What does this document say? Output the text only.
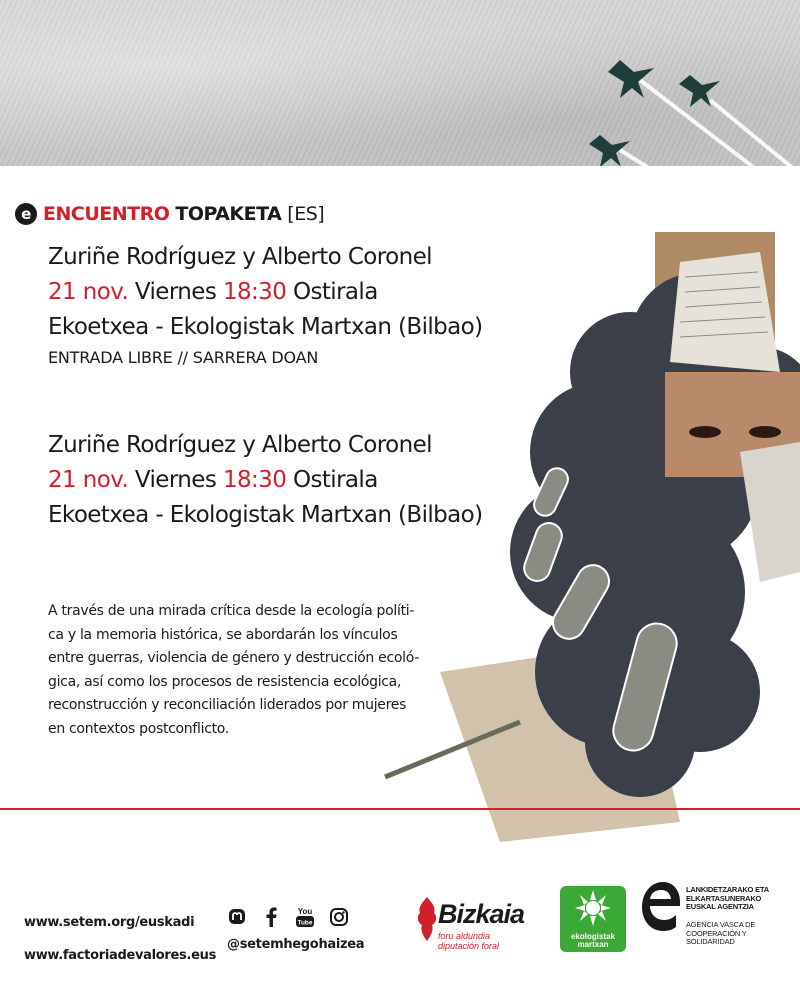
e ENCUENTRO TOPAKETA [ES]
Zuriñe Rodríguez y Alberto Coronel
21 nov. Viernes 18:30 Ostirala
Ekoetxea - Ekologistak Martxan (Bilbao)
ENTRADA LIBRE // SARRERA DOAN
Zuriñe Rodríguez y Alberto Coronel
21 nov. Viernes 18:30 Ostirala
Ekoetxea - Ekologistak Martxan (Bilbao)
A través de una mirada crítica desde la ecología políti-
ca y la memoria histórica, se abordarán los vínculos
entre guerras, violencia de género y destrucción ecoló-
gica, así como los procesos de resistencia ecológica,
reconstrucción y reconciliación liderados por mujeres
en contextos postconflicto.
www.setem.org/euskadi
www.factoriadevalores.eus
You
Tube
@setemhegohaizea
Bizkaia
foru aldundia
diputación foral
ekologistak
martxan
LANKIDETZARAKO ETA
ELKARTASUNERAKO
EUSKAL AGENTZIA
AGENCIA VASCA DE
COOPERACIÓN Y
SOLIDARIDAD
